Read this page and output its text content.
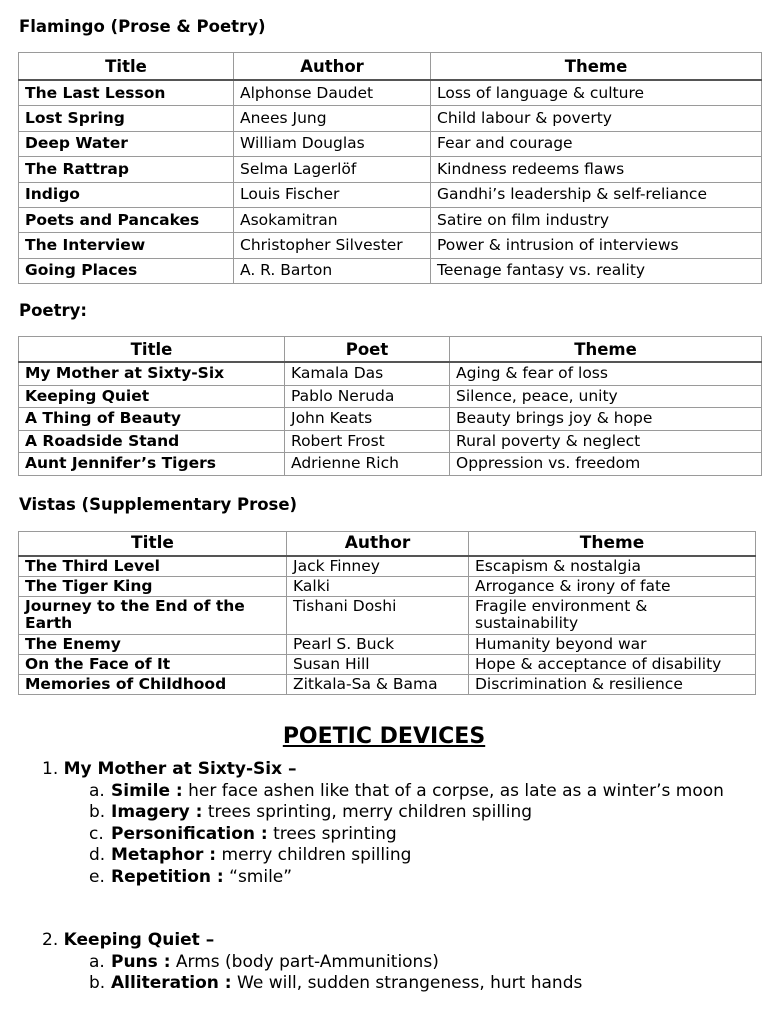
Flamingo (Prose & Poetry)
Title	Author	Theme
The Last Lesson	Alphonse Daudet	Loss of language & culture
Lost Spring	Anees Jung	Child labour & poverty
Deep Water	William Douglas	Fear and courage
The Rattrap	Selma Lagerlöf	Kindness redeems flaws
Indigo	Louis Fischer	Gandhi’s leadership & self-reliance
Poets and Pancakes	Asokamitran	Satire on film industry
The Interview	Christopher Silvester	Power & intrusion of interviews
Going Places	A. R. Barton	Teenage fantasy vs. reality
Poetry:
Title	Poet	Theme
My Mother at Sixty-Six	Kamala Das	Aging & fear of loss
Keeping Quiet	Pablo Neruda	Silence, peace, unity
A Thing of Beauty	John Keats	Beauty brings joy & hope
A Roadside Stand	Robert Frost	Rural poverty & neglect
Aunt Jennifer’s Tigers	Adrienne Rich	Oppression vs. freedom
Vistas (Supplementary Prose)
Title	Author	Theme
The Third Level	Jack Finney	Escapism & nostalgia
The Tiger King	Kalki	Arrogance & irony of fate
Journey to the End of the Earth	Tishani Doshi	Fragile environment & sustainability
The Enemy	Pearl S. Buck	Humanity beyond war
On the Face of It	Susan Hill	Hope & acceptance of disability
Memories of Childhood	Zitkala-Sa & Bama	Discrimination & resilience
POETIC DEVICES
1. My Mother at Sixty-Six –
a. Simile : her face ashen like that of a corpse, as late as a winter’s moon
b. Imagery : trees sprinting, merry children spilling
c. Personification : trees sprinting
d. Metaphor : merry children spilling
e. Repetition : “smile”
2. Keeping Quiet –
a. Puns : Arms (body part-Ammunitions)
b. Alliteration : We will, sudden strangeness, hurt hands
